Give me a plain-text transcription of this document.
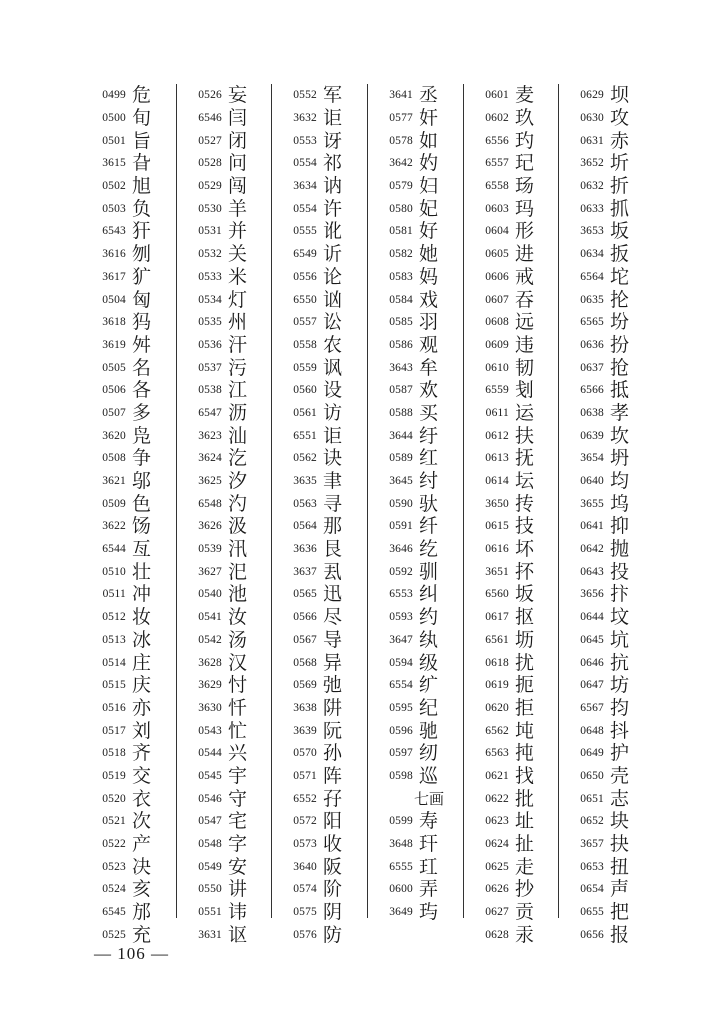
0499 危
0500 旬
0501 旨
3615 旮
0502 旭
0503 负
6543 犴
3616 刎
3617 犷
0504 匈
3618 犸
3619 舛
0505 名
0506 各
0507 多
3620 凫
0508 争
3621 邬
0509 色
3622 饧
6544 亙
0510 壮
0511 冲
0512 妆
0513 冰
0514 庄
0515 庆
0516 亦
0517 刘
0518 齐
0519 交
0520 衣
0521 次
0522 产
0523 决
0524 亥
6545 邡
0525 充
0526 妄
6546 闫
0527 闭
0528 问
0529 闯
0530 羊
0531 并
0532 关
0533 米
0534 灯
0535 州
0536 汗
0537 污
0538 江
6547 沥
3623 汕
3624 汔
3625 汐
6548 汋
3626 汲
0539 汛
3627 汜
0540 池
0541 汝
0542 汤
3628 汉
3629 忖
3630 忏
0543 忙
0544 兴
0545 宇
0546 守
0547 宅
0548 字
0549 安
0550 讲
0551 讳
3631 讴
0552 军
3632 讵
0553 讶
0554 祁
3634 讷
0554 许
0555 讹
6549 䜣
0556 论
6550 讻
0557 讼
0558 农
0559 讽
0560 设
0561 访
6551 讵
0562 诀
3635 聿
0563 寻
0564 那
3636 艮
3637 厾
0565 迅
0566 尽
0567 导
0568 异
0569 弛
3638 阱
3639 阮
0570 孙
0571 阵
6552 孖
0572 阳
0573 收
3640 阪
0574 阶
0575 阴
0576 防
3641 丞
0577 奸
0578 如
3642 妁
0579 妇
0580 妃
0581 好
0582 她
0583 妈
0584 戏
0585 羽
0586 观
3643 牟
0587 欢
0588 买
3644 纡
0589 红
3645 纣
0590 驮
0591 纤
3646 纥
0592 驯
6553 纠
0593 约
3647 纨
0594 级
6554 纩
0595 纪
0596 驰
0597 纫
0598 巡
七画
0599 寿
3648 玕
6555 玒
0600 弄
3649 玙
0601 麦
0602 玖
6556 玓
6557 玘
6558 玚
0603 玛
0604 形
0605 进
0606 戒
0607 吞
0608 远
0609 违
0610 韧
6559 刬
0611 运
0612 扶
0613 抚
0614 坛
3650 抟
0615 技
0616 坏
3651 抔
6560 坂
0617 抠
6561 坜
0618 扰
0619 扼
0620 拒
6562 坉
6563 扽
0621 找
0622 批
0623 址
0624 扯
0625 走
0626 抄
0627 贡
0628 汞
0629 坝
0630 攻
0631 赤
3652 圻
0632 折
0633 抓
3653 坂
0634 扳
6564 坨
0635 抡
6565 坋
0636 扮
0637 抢
6566 抵
0638 孝
0639 坎
3654 坍
0640 均
3655 坞
0641 抑
0642 抛
0643 投
3656 抃
0644 坟
0645 坑
0646 抗
0647 坊
6567 抣
0648 抖
0649 护
0650 壳
0651 志
0652 块
3657 抉
0653 扭
0654 声
0655 把
0656 报
— 106 —
